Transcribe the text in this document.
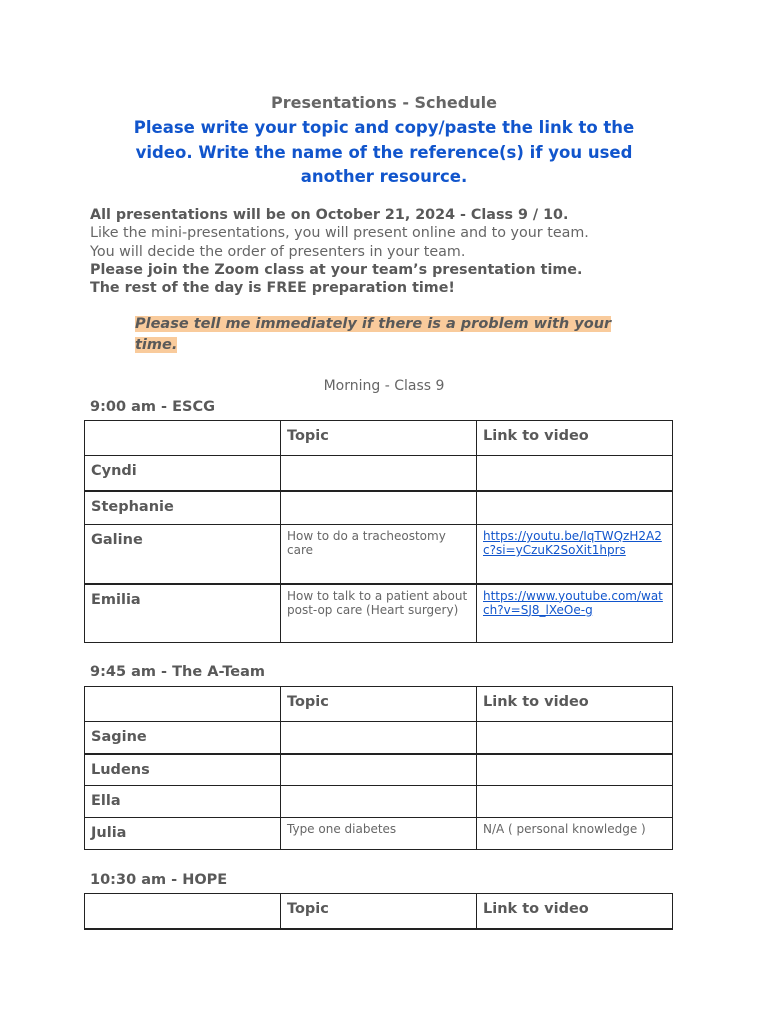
Presentations - Schedule
Please write your topic and copy/paste the link to the video. Write the name of the reference(s) if you used another resource.
All presentations will be on October 21, 2024 - Class 9 / 10.
Like the mini-presentations, you will present online and to your team.
You will decide the order of presenters in your team.
Please join the Zoom class at your team’s presentation time.
The rest of the day is FREE preparation time!
Please tell me immediately if there is a problem with your time.
Morning - Class 9
9:00 am - ESCG
	Topic	Link to video
Cyndi		
Stephanie		
Galine	How to do a tracheostomy care	https://youtu.be/IqTWQzH2A2c?si=yCzuK2SoXit1hprs
Emilia	How to talk to a patient about post-op care (Heart surgery)	https://www.youtube.com/watch?v=SJ8_lXeOe-g
9:45 am - The A-Team
	Topic	Link to video
Sagine		
Ludens		
Ella		
Julia	Type one diabetes	N/A ( personal knowledge )
10:30 am - HOPE
	Topic	Link to video
